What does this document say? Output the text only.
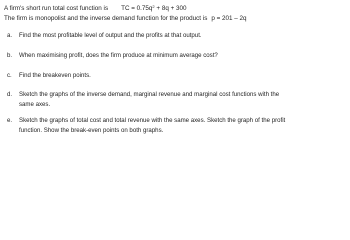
A firm's short run total cost function is TC = $0.75q^2 + 8q + 300$
The firm is monopolist and the inverse demand function for the product is p = 201 – 2q
a. Find the most profitable level of output and the profits at that output.
b. When maximising profit, does the firm produce at minimum average cost?
c. Find the breakeven points.
d. Sketch the graphs of the inverse demand, marginal revenue and marginal cost functions with the
same axes.
e. Sketch the graphs of total cost and total revenue with the same axes. Sketch the graph of the profit
function. Show the break-even points on both graphs.
